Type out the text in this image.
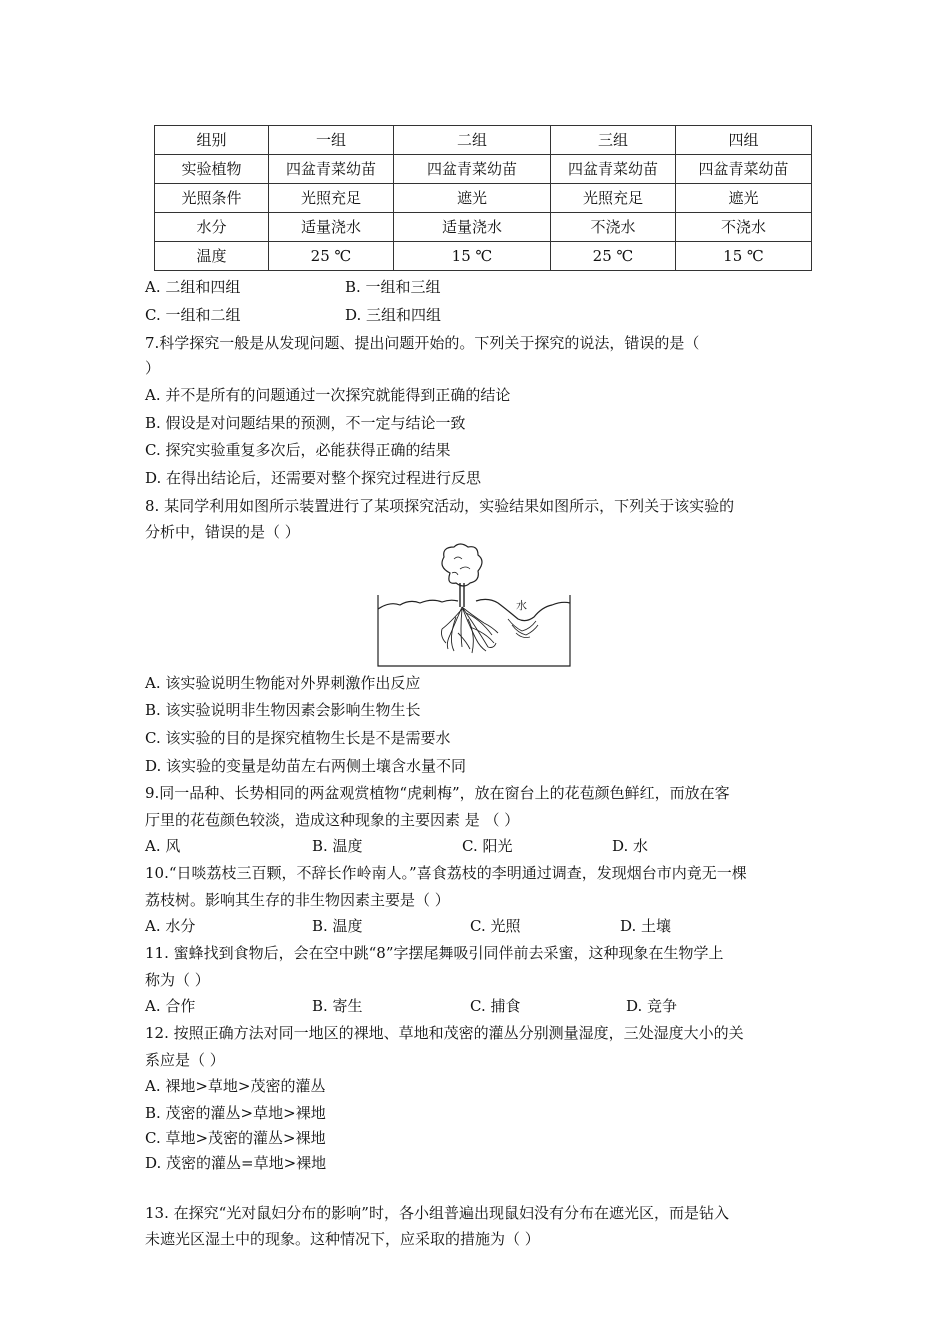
组别	一组	二组	三组	四组
实验植物	四盆青菜幼苗	四盆青菜幼苗	四盆青菜幼苗	四盆青菜幼苗
光照条件	光照充足	遮光	光照充足	遮光
水分	适量浇水	适量浇水	不浇水	不浇水
温度	25 ℃	15 ℃	25 ℃	15 ℃
A. 二组和四组	B. 一组和三组
C. 一组和二组	D. 三组和四组
7.科学探究一般是从发现问题、提出问题开始的。下列关于探究的说法，错误的是（
）
A. 并不是所有的问题通过一次探究就能得到正确的结论
B. 假设是对问题结果的预测，不一定与结论一致
C. 探究实验重复多次后，必能获得正确的结果
D. 在得出结论后，还需要对整个探究过程进行反思
8. 某同学利用如图所示装置进行了某项探究活动，实验结果如图所示，下列关于该实验的
分析中，错误的是（ ）
水
A. 该实验说明生物能对外界刺激作出反应
B. 该实验说明非生物因素会影响生物生长
C. 该实验的目的是探究植物生长是不是需要水
D. 该实验的变量是幼苗左右两侧土壤含水量不同
9.同一品种、长势相同的两盆观赏植物“虎刺梅”，放在窗台上的花苞颜色鲜红，而放在客
厅里的花苞颜色较淡，造成这种现象的主要因素 是 （ ）
A. 风	B. 温度	C. 阳光	D. 水
10.“日啖荔枝三百颗，不辞长作岭南人。”喜食荔枝的李明通过调查，发现烟台市内竟无一棵
荔枝树。影响其生存的非生物因素主要是（ ）
A. 水分	B. 温度	C. 光照	D. 土壤
11. 蜜蜂找到食物后，会在空中跳“8”字摆尾舞吸引同伴前去采蜜，这种现象在生物学上
称为（ ）
A. 合作	B. 寄生	C. 捕食	D. 竞争
12. 按照正确方法对同一地区的裸地、草地和茂密的灌丛分别测量湿度，三处湿度大小的关
系应是（ ）
A. 裸地>草地>茂密的灌丛
B. 茂密的灌丛>草地>裸地
C. 草地>茂密的灌丛>裸地
D. 茂密的灌丛=草地>裸地
13. 在探究“光对鼠妇分布的影响”时，各小组普遍出现鼠妇没有分布在遮光区，而是钻入
未遮光区湿土中的现象。这种情况下，应采取的措施为（ ）
